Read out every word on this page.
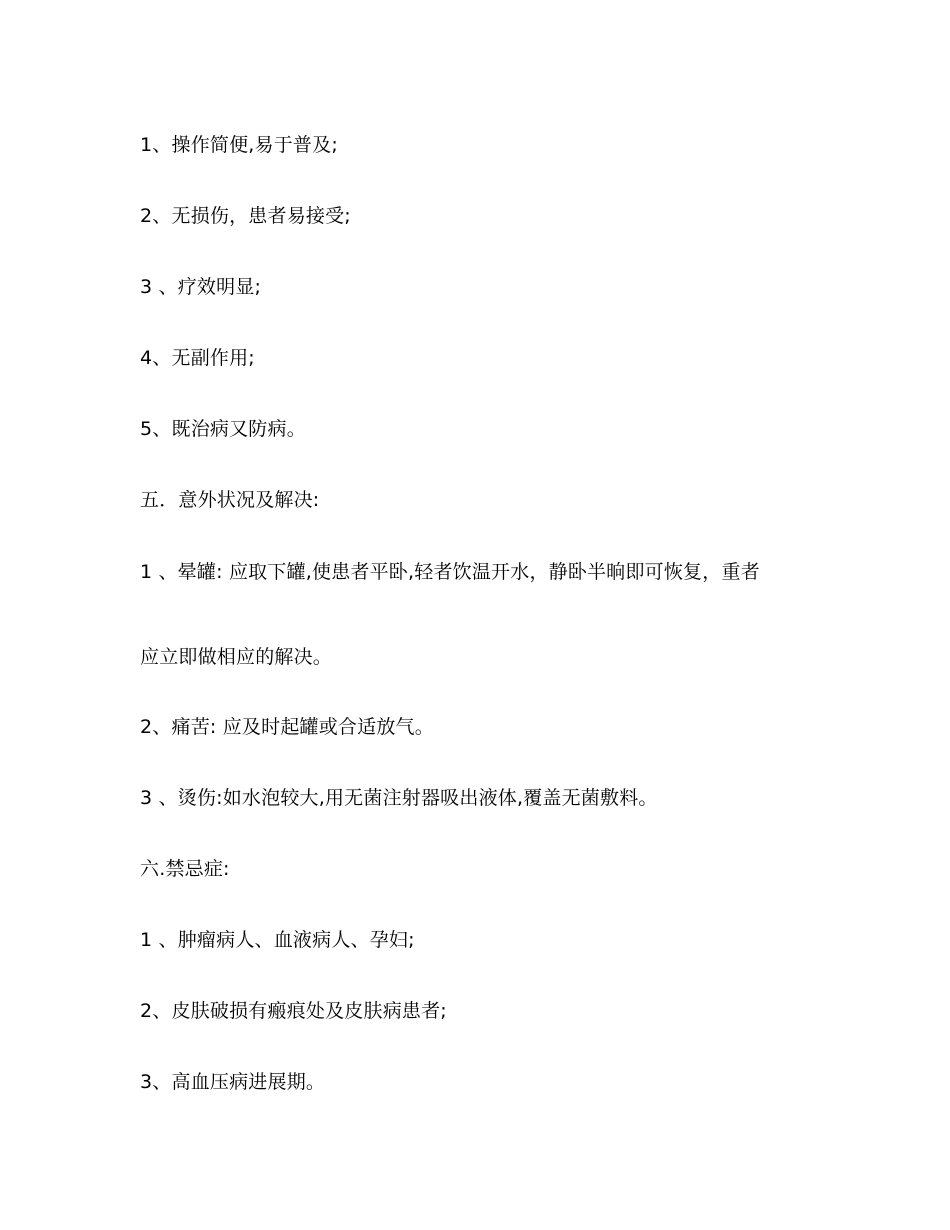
1、操作简便,易于普及;
2、无损伤，患者易接受;
3 、疗效明显;
4、无副作用;
5、既治病又防病。
五．意外状况及解决:
1 、晕罐: 应取下罐,使患者平卧,轻者饮温开水，静卧半晌即可恢复，重者
应立即做相应的解决。
2、痛苦: 应及时起罐或合适放气。
3 、烫伤:如水泡较大,用无菌注射器吸出液体,覆盖无菌敷料。
六.禁忌症:
1 、肿瘤病人、血液病人、孕妇;
2、皮肤破损有瘢痕处及皮肤病患者;
3、高血压病进展期。
